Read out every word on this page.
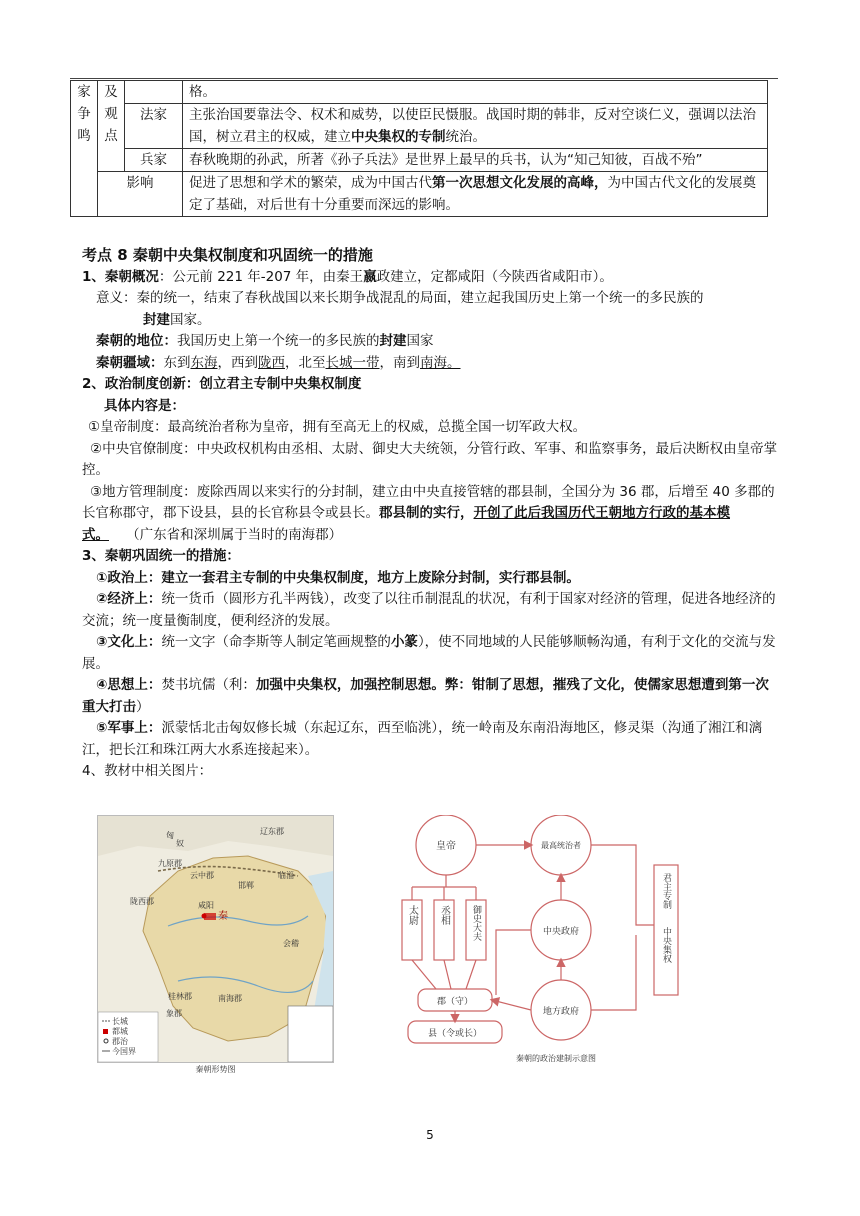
家争鸣	及观点		格。
		法家	主张治国要靠法令、权术和威势，以使臣民慑服。战国时期的韩非，反对空谈仁义，强调以法治国，树立君主的权威，建立中央集权的专制统治。
		兵家	春秋晚期的孙武，所著《孙子兵法》是世界上最早的兵书，认为“知己知彼，百战不殆”
	影响		促进了思想和学术的繁荣，成为中国古代第一次思想文化发展的高峰，为中国古代文化的发展奠定了基础，对后世有十分重要而深远的影响。

考点 8 秦朝中央集权制度和巩固统一的措施

1、秦朝概况：公元前 221 年-207 年，由秦王嬴政建立，定都咸阳（今陕西省咸阳市）。

意义：秦的统一，结束了春秋战国以来长期争战混乱的局面，建立起我国历史上第一个统一的多民族的
封建国家。

秦朝的地位：我国历史上第一个统一的多民族的封建国家

秦朝疆域：东到东海，西到陇西，北至长城一带，南到南海。

2、政治制度创新：创立君主专制中央集权制度

具体内容是：

①皇帝制度：最高统治者称为皇帝，拥有至高无上的权威，总揽全国一切军政大权。

②中央官僚制度：中央政权机构由丞相、太尉、御史大夫统领，分管行政、军事、和监察事务，最后决断权由皇帝掌控。

③地方管理制度：废除西周以来实行的分封制，建立由中央直接管辖的郡县制，全国分为 36 郡，后增至 40 多郡的长官称郡守，郡下设县，县的长官称县令或县长。郡县制的实行，开创了此后我国历代王朝地方行政的基本模式。 （广东省和深圳属于当时的南海郡）

3、秦朝巩固统一的措施：

①政治上：建立一套君主专制的中央集权制度，地方上废除分封制，实行郡县制。

②经济上：统一货币（圆形方孔半两钱），改变了以往币制混乱的状况，有利于国家对经济的管理，促进各地经济的交流；统一度量衡制度，便利经济的发展。

③文化上：统一文字（命李斯等人制定笔画规整的小篆），使不同地域的人民能够顺畅沟通，有利于文化的交流与发展。

④思想上：焚书坑儒（利：加强中央集权，加强控制思想。弊：钳制了思想，摧残了文化，使儒家思想遭到第一次重大打击）

⑤军事上：派蒙恬北击匈奴修长城（东起辽东，西至临洮），统一岭南及东南沿海地区，修灵渠（沟通了湘江和漓江，把长江和珠江两大水系连接起来）。

4、教材中相关图片：

匈
奴
九原郡
辽东郡
陇西郡	咸阳
云中郡
邯郸
临淄
秦
会稽
南海郡
桂林郡
象郡
长城
都城
郡治
今国界
秦朝形势图
皇帝	最高统治者
中央政府
地方政府
太尉 丞相 御史大夫
郡（守）
县（令或长）
君主专制
中央集权
秦朝的政治建制示意图
5
